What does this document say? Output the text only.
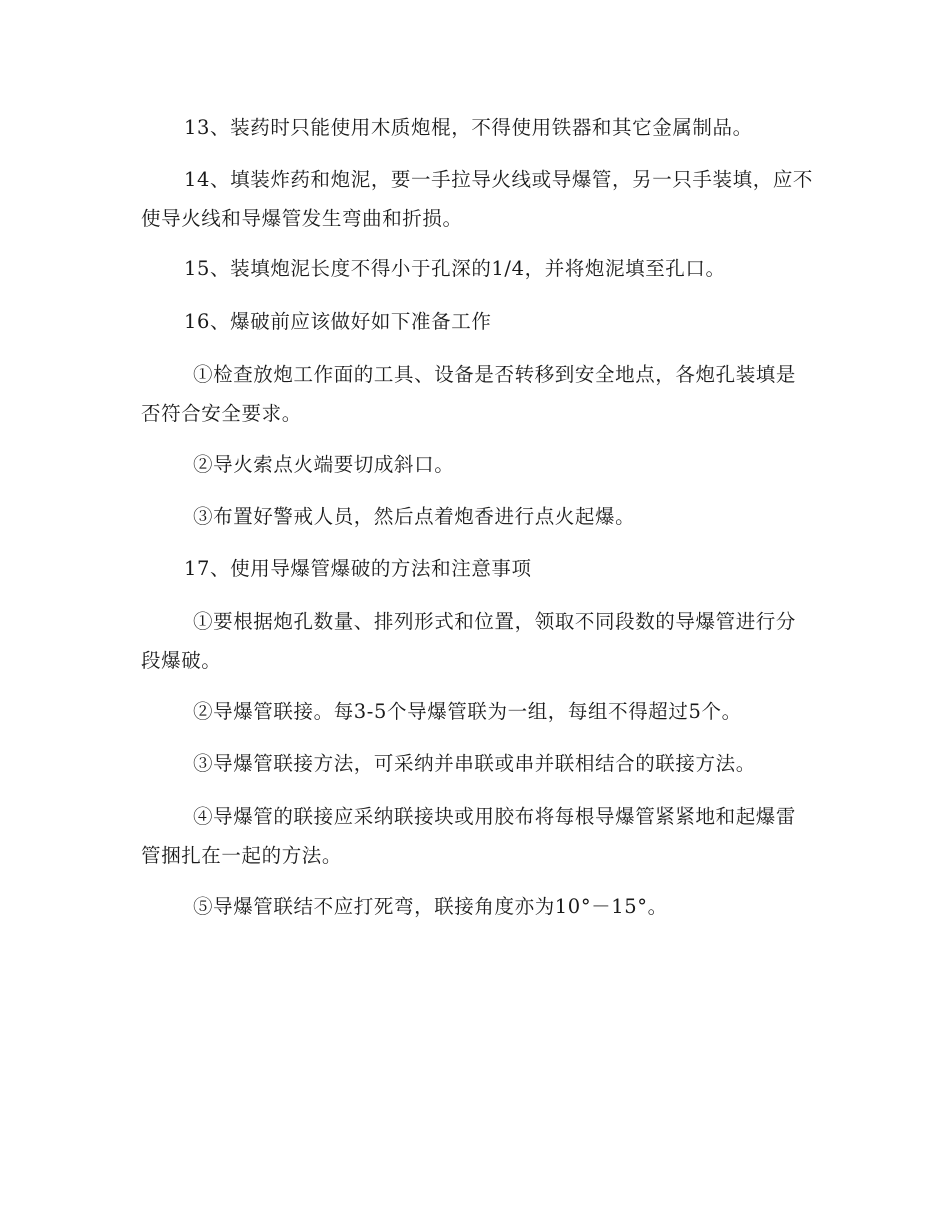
13、装药时只能使用木质炮棍，不得使用铁器和其它金属制品。

14、填装炸药和炮泥，要一手拉导火线或导爆管，另一只手装填，应不使导火线和导爆管发生弯曲和折损。

15、装填炮泥长度不得小于孔深的1/4，并将炮泥填至孔口。

16、爆破前应该做好如下准备工作

①检查放炮工作面的工具、设备是否转移到安全地点，各炮孔装填是否符合安全要求。

②导火索点火端要切成斜口。

③布置好警戒人员，然后点着炮香进行点火起爆。

17、使用导爆管爆破的方法和注意事项

①要根据炮孔数量、排列形式和位置，领取不同段数的导爆管进行分段爆破。

②导爆管联接。每3-5个导爆管联为一组，每组不得超过5个。

③导爆管联接方法，可采纳并串联或串并联相结合的联接方法。

④导爆管的联接应采纳联接块或用胶布将每根导爆管紧紧地和起爆雷管捆扎在一起的方法。

⑤导爆管联结不应打死弯，联接角度亦为10°－15°。
